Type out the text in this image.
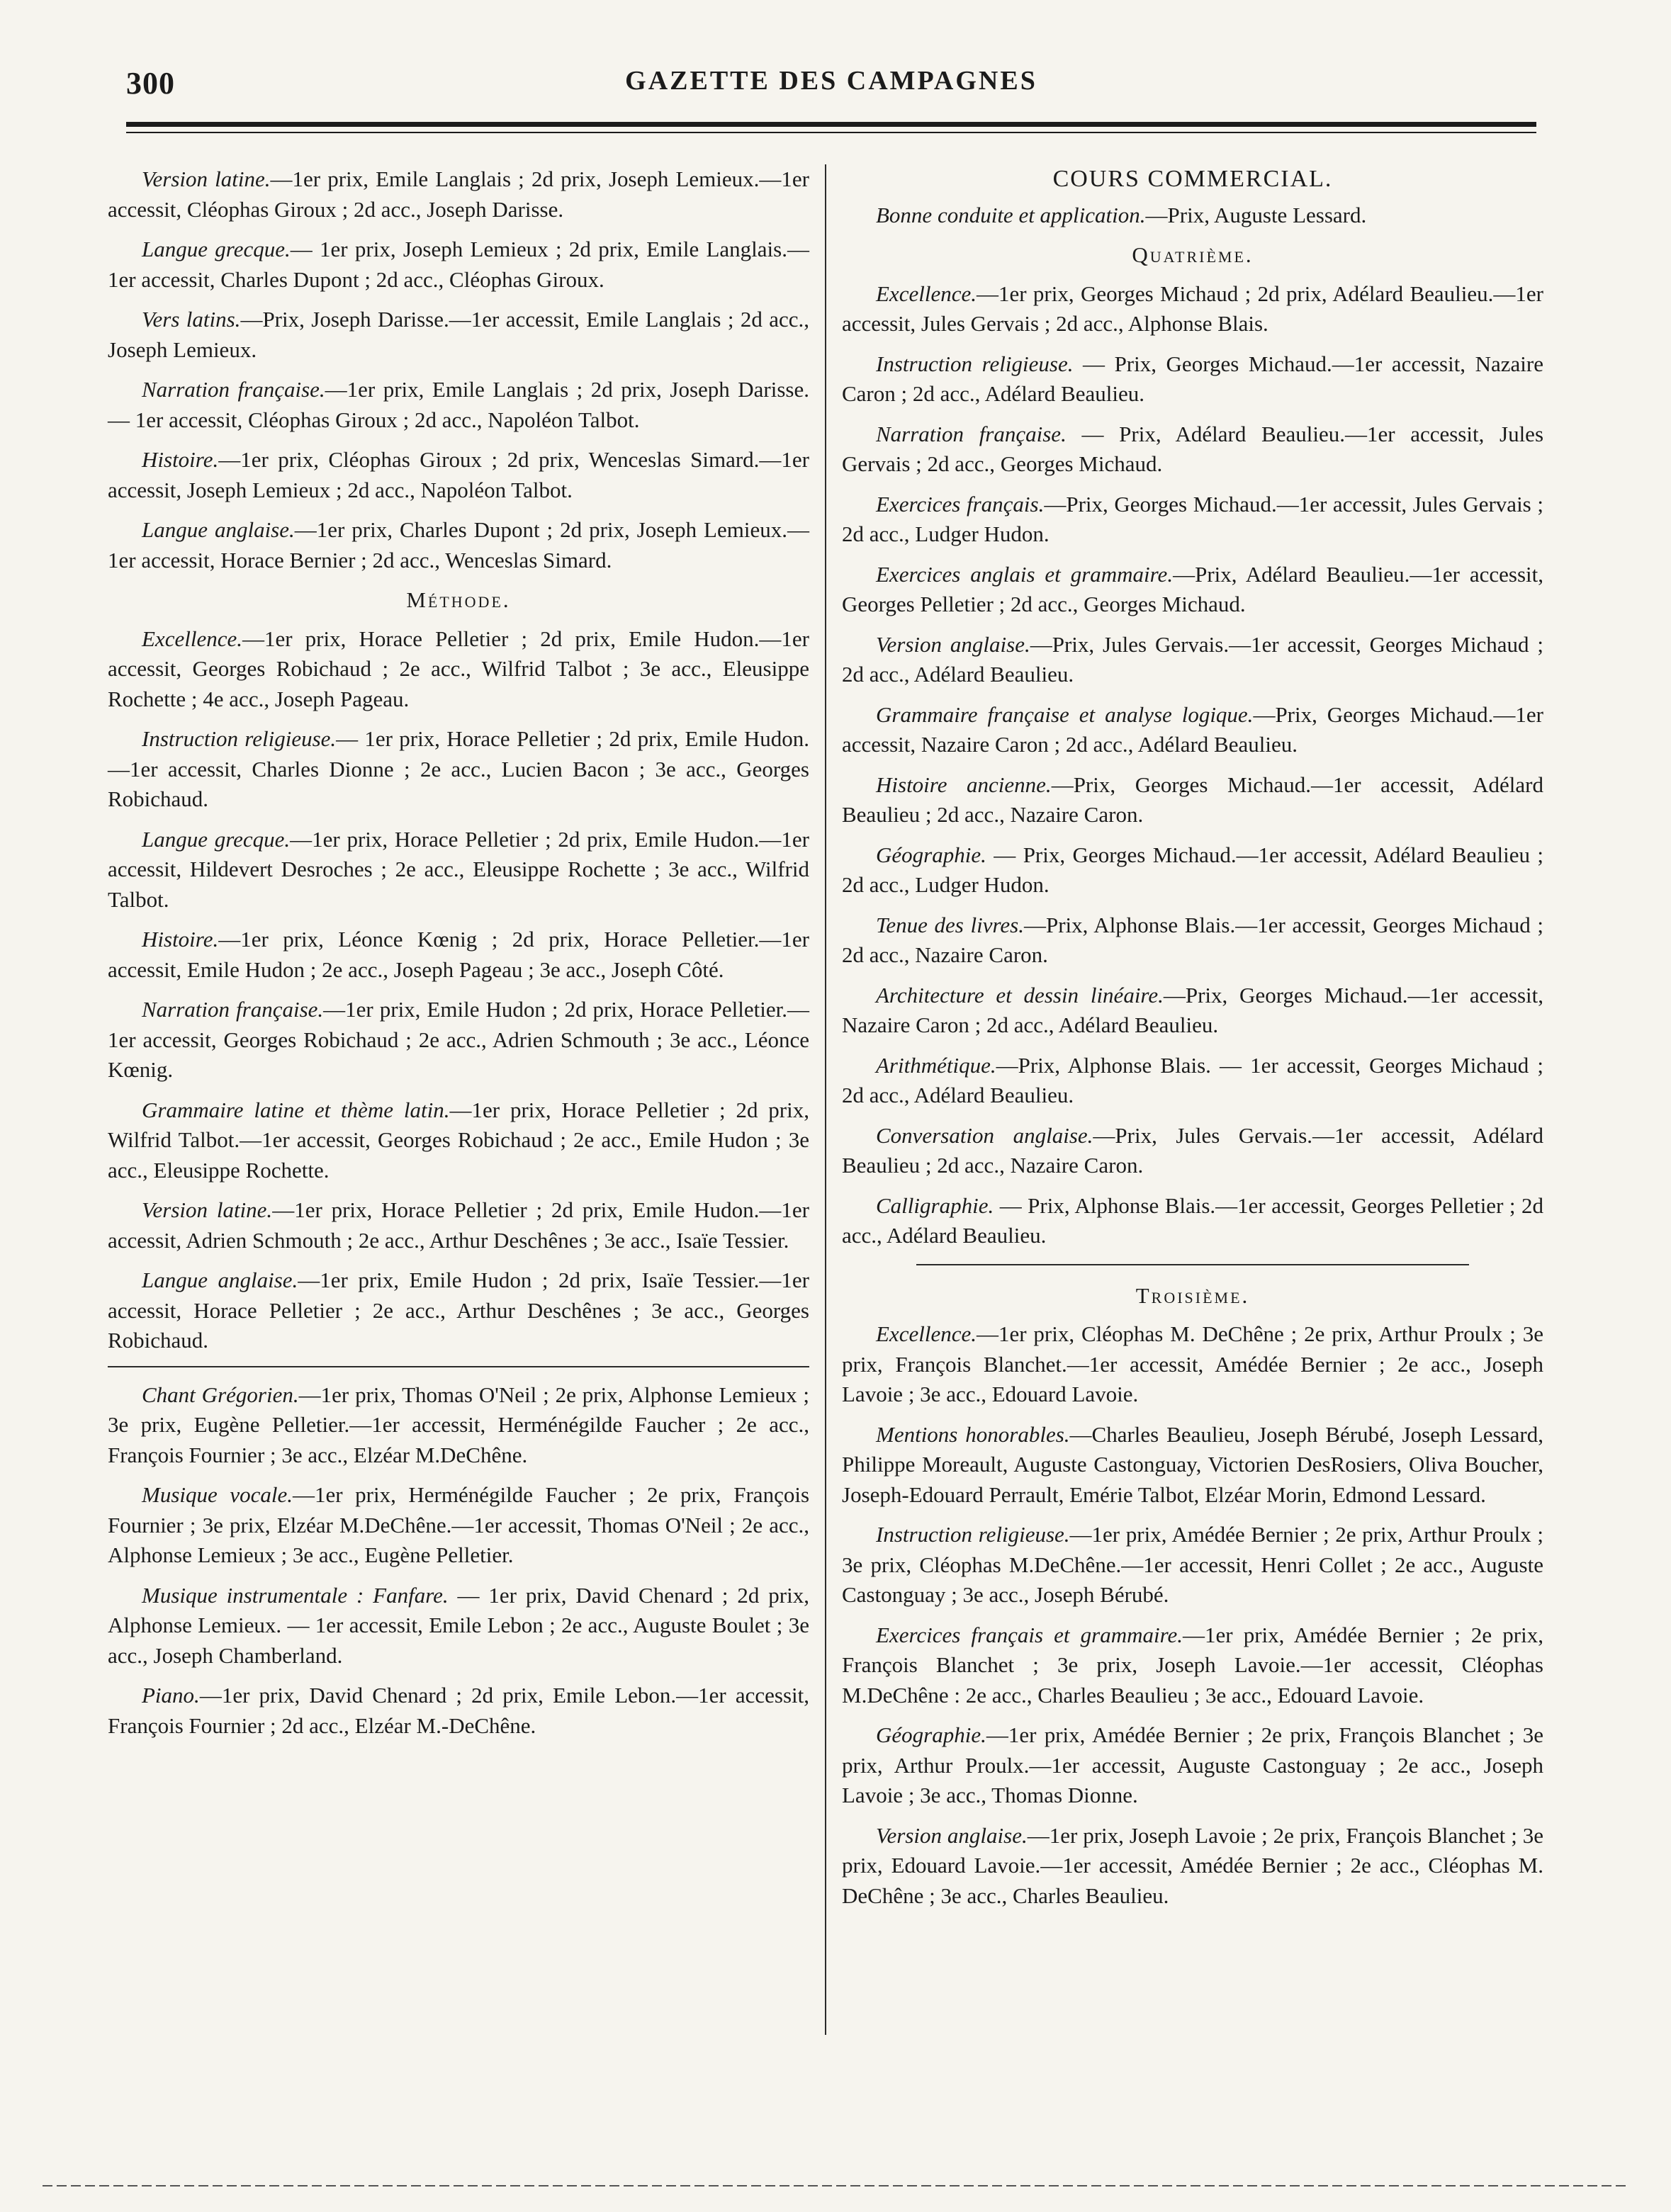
300	GAZETTE DES CAMPAGNES

Version latine.—1er prix, Emile Langlais ; 2d prix, Joseph Lemieux.—1er accessit, Cléophas Giroux ; 2d acc., Joseph Darisse.

Langue grecque.— 1er prix, Joseph Lemieux ; 2d prix, Emile Langlais.—1er accessit, Charles Dupont ; 2d acc., Cléophas Giroux.

Vers latins.—Prix, Joseph Darisse.—1er accessit, Emile Langlais ; 2d acc., Joseph Lemieux.

Narration française.—1er prix, Emile Langlais ; 2d prix, Joseph Darisse. — 1er accessit, Cléophas Giroux ; 2d acc., Napoléon Talbot.

Histoire.—1er prix, Cléophas Giroux ; 2d prix, Wenceslas Simard.—1er accessit, Joseph Lemieux ; 2d acc., Napoléon Talbot.

Langue anglaise.—1er prix, Charles Dupont ; 2d prix, Joseph Lemieux.—1er accessit, Horace Bernier ; 2d acc., Wenceslas Simard.

Méthode.

Excellence.—1er prix, Horace Pelletier ; 2d prix, Emile Hudon.—1er accessit, Georges Robichaud ; 2e acc., Wilfrid Talbot ; 3e acc., Eleusippe Rochette ; 4e acc., Joseph Pageau.

Instruction religieuse.— 1er prix, Horace Pelletier ; 2d prix, Emile Hudon.—1er accessit, Charles Dionne ; 2e acc., Lucien Bacon ; 3e acc., Georges Robichaud.

Langue grecque.—1er prix, Horace Pelletier ; 2d prix, Emile Hudon.—1er accessit, Hildevert Desroches ; 2e acc., Eleusippe Rochette ; 3e acc., Wilfrid Talbot.

Histoire.—1er prix, Léonce Kœnig ; 2d prix, Horace Pelletier.—1er accessit, Emile Hudon ; 2e acc., Joseph Pageau ; 3e acc., Joseph Côté.

Narration française.—1er prix, Emile Hudon ; 2d prix, Horace Pelletier.—1er accessit, Georges Robichaud ; 2e acc., Adrien Schmouth ; 3e acc., Léonce Kœnig.

Grammaire latine et thème latin.—1er prix, Horace Pelletier ; 2d prix, Wilfrid Talbot.—1er accessit, Georges Robichaud ; 2e acc., Emile Hudon ; 3e acc., Eleusippe Rochette.

Version latine.—1er prix, Horace Pelletier ; 2d prix, Emile Hudon.—1er accessit, Adrien Schmouth ; 2e acc., Arthur Deschênes ; 3e acc., Isaïe Tessier.

Langue anglaise.—1er prix, Emile Hudon ; 2d prix, Isaïe Tessier.—1er accessit, Horace Pelletier ; 2e acc., Arthur Deschênes ; 3e acc., Georges Robichaud.

Chant Grégorien.—1er prix, Thomas O'Neil ; 2e prix, Alphonse Lemieux ; 3e prix, Eugène Pelletier.—1er accessit, Herménégilde Faucher ; 2e acc., François Fournier ; 3e acc., Elzéar M.DeChêne.

Musique vocale.—1er prix, Herménégilde Faucher ; 2e prix, François Fournier ; 3e prix, Elzéar M.DeChêne.—1er accessit, Thomas O'Neil ; 2e acc., Alphonse Lemieux ; 3e acc., Eugène Pelletier.

Musique instrumentale : Fanfare. — 1er prix, David Chenard ; 2d prix, Alphonse Lemieux. — 1er accessit, Emile Lebon ; 2e acc., Auguste Boulet ; 3e acc., Joseph Chamberland.

Piano.—1er prix, David Chenard ; 2d prix, Emile Lebon.—1er accessit, François Fournier ; 2d acc., Elzéar M.-DeChêne.

COURS COMMERCIAL.

Bonne conduite et application.—Prix, Auguste Lessard.

Quatrième.

Excellence.—1er prix, Georges Michaud ; 2d prix, Adélard Beaulieu.—1er accessit, Jules Gervais ; 2d acc., Alphonse Blais.

Instruction religieuse. — Prix, Georges Michaud.—1er accessit, Nazaire Caron ; 2d acc., Adélard Beaulieu.

Narration française. — Prix, Adélard Beaulieu.—1er accessit, Jules Gervais ; 2d acc., Georges Michaud.

Exercices français.—Prix, Georges Michaud.—1er accessit, Jules Gervais ; 2d acc., Ludger Hudon.

Exercices anglais et grammaire.—Prix, Adélard Beaulieu.—1er accessit, Georges Pelletier ; 2d acc., Georges Michaud.

Version anglaise.—Prix, Jules Gervais.—1er accessit, Georges Michaud ; 2d acc., Adélard Beaulieu.

Grammaire française et analyse logique.—Prix, Georges Michaud.—1er accessit, Nazaire Caron ; 2d acc., Adélard Beaulieu.

Histoire ancienne.—Prix, Georges Michaud.—1er accessit, Adélard Beaulieu ; 2d acc., Nazaire Caron.

Géographie. — Prix, Georges Michaud.—1er accessit, Adélard Beaulieu ; 2d acc., Ludger Hudon.

Tenue des livres.—Prix, Alphonse Blais.—1er accessit, Georges Michaud ; 2d acc., Nazaire Caron.

Architecture et dessin linéaire.—Prix, Georges Michaud.—1er accessit, Nazaire Caron ; 2d acc., Adélard Beaulieu.

Arithmétique.—Prix, Alphonse Blais. — 1er accessit, Georges Michaud ; 2d acc., Adélard Beaulieu.

Conversation anglaise.—Prix, Jules Gervais.—1er accessit, Adélard Beaulieu ; 2d acc., Nazaire Caron.

Calligraphie. — Prix, Alphonse Blais.—1er accessit, Georges Pelletier ; 2d acc., Adélard Beaulieu.

Troisième.

Excellence.—1er prix, Cléophas M. DeChêne ; 2e prix, Arthur Proulx ; 3e prix, François Blanchet.—1er accessit, Amédée Bernier ; 2e acc., Joseph Lavoie ; 3e acc., Edouard Lavoie.

Mentions honorables.—Charles Beaulieu, Joseph Bérubé, Joseph Lessard, Philippe Moreault, Auguste Castonguay, Victorien DesRosiers, Oliva Boucher, Joseph-Edouard Perrault, Emérie Talbot, Elzéar Morin, Edmond Lessard.

Instruction religieuse.—1er prix, Amédée Bernier ; 2e prix, Arthur Proulx ; 3e prix, Cléophas M.DeChêne.—1er accessit, Henri Collet ; 2e acc., Auguste Castonguay ; 3e acc., Joseph Bérubé.

Exercices français et grammaire.—1er prix, Amédée Bernier ; 2e prix, François Blanchet ; 3e prix, Joseph Lavoie.—1er accessit, Cléophas M.DeChêne : 2e acc., Charles Beaulieu ; 3e acc., Edouard Lavoie.

Géographie.—1er prix, Amédée Bernier ; 2e prix, François Blanchet ; 3e prix, Arthur Proulx.—1er accessit, Auguste Castonguay ; 2e acc., Joseph Lavoie ; 3e acc., Thomas Dionne.

Version anglaise.—1er prix, Joseph Lavoie ; 2e prix, François Blanchet ; 3e prix, Edouard Lavoie.—1er accessit, Amédée Bernier ; 2e acc., Cléophas M. DeChêne ; 3e acc., Charles Beaulieu.
